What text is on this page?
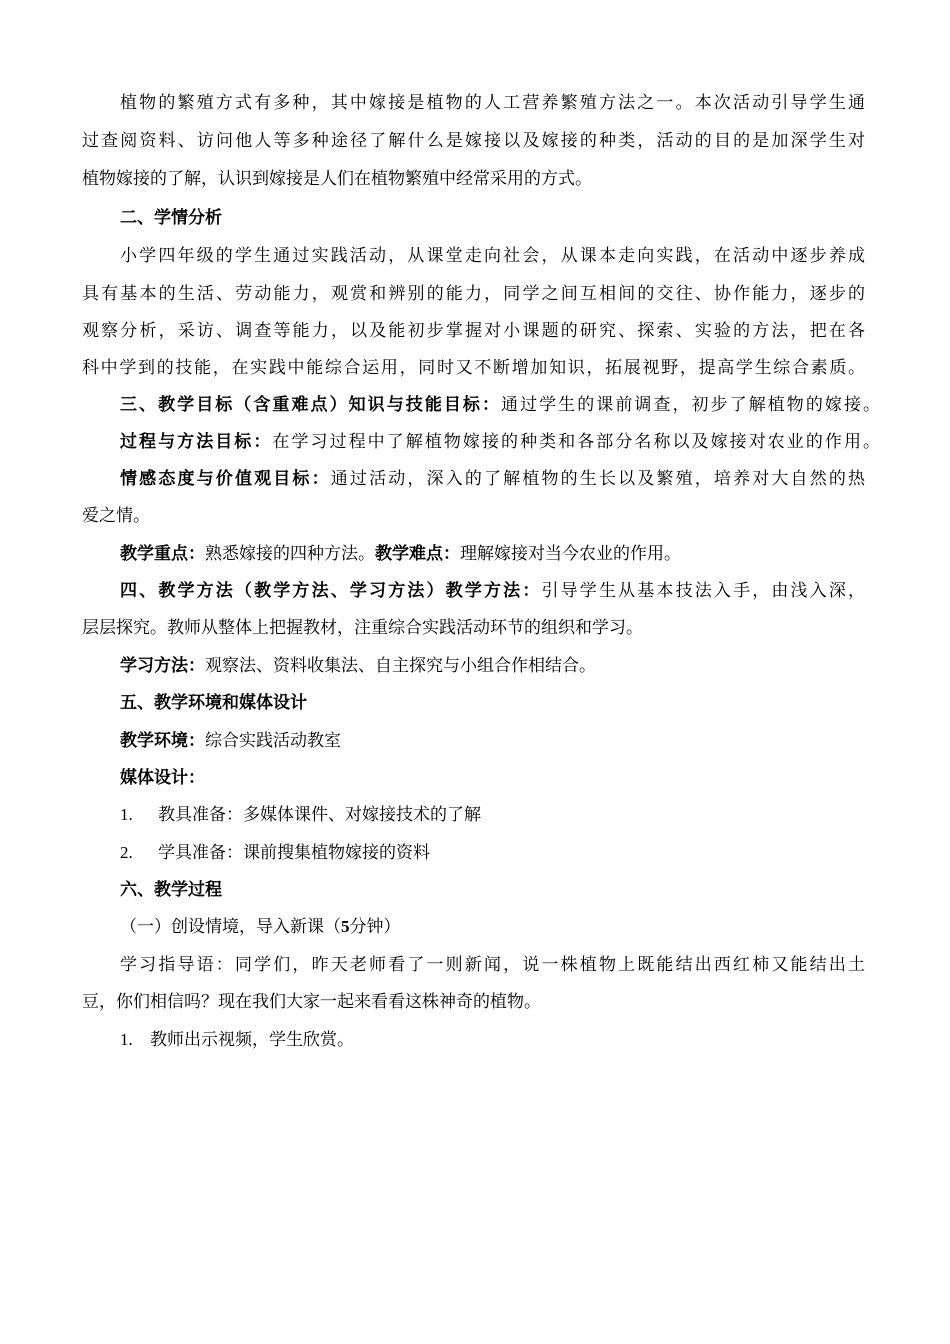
植物的繁殖方式有多种，其中嫁接是植物的人工营养繁殖方法之一。本次活动引导学生通
过查阅资料、访问他人等多种途径了解什么是嫁接以及嫁接的种类，活动的目的是加深学生对
植物嫁接的了解，认识到嫁接是人们在植物繁殖中经常采用的方式。
二、学情分析
小学四年级的学生通过实践活动，从课堂走向社会，从课本走向实践，在活动中逐步养成
具有基本的生活、劳动能力，观赏和辨别的能力，同学之间互相间的交往、协作能力，逐步的
观察分析，采访、调查等能力，以及能初步掌握对小课题的研究、探索、实验的方法，把在各
科中学到的技能，在实践中能综合运用，同时又不断增加知识，拓展视野，提高学生综合素质。
三、教学目标（含重难点）知识与技能目标：通过学生的课前调查，初步了解植物的嫁接。
过程与方法目标：在学习过程中了解植物嫁接的种类和各部分名称以及嫁接对农业的作用。
情感态度与价值观目标：通过活动，深入的了解植物的生长以及繁殖，培养对大自然的热
爱之情。
教学重点：熟悉嫁接的四种方法。教学难点：理解嫁接对当今农业的作用。
四、教学方法（教学方法、学习方法）教学方法：引导学生从基本技法入手，由浅入深，
层层探究。教师从整体上把握教材，注重综合实践活动环节的组织和学习。
学习方法：观察法、资料收集法、自主探究与小组合作相结合。
五、教学环境和媒体设计
教学环境：综合实践活动教室
媒体设计：
1. 教具准备：多媒体课件、对嫁接技术的了解
2. 学具准备：课前搜集植物嫁接的资料
六、教学过程
（一）创设情境，导入新课（5分钟）
学习指导语：同学们，昨天老师看了一则新闻，说一株植物上既能结出西红柿又能结出土
豆，你们相信吗？现在我们大家一起来看看这株神奇的植物。
1. 教师出示视频，学生欣赏。
